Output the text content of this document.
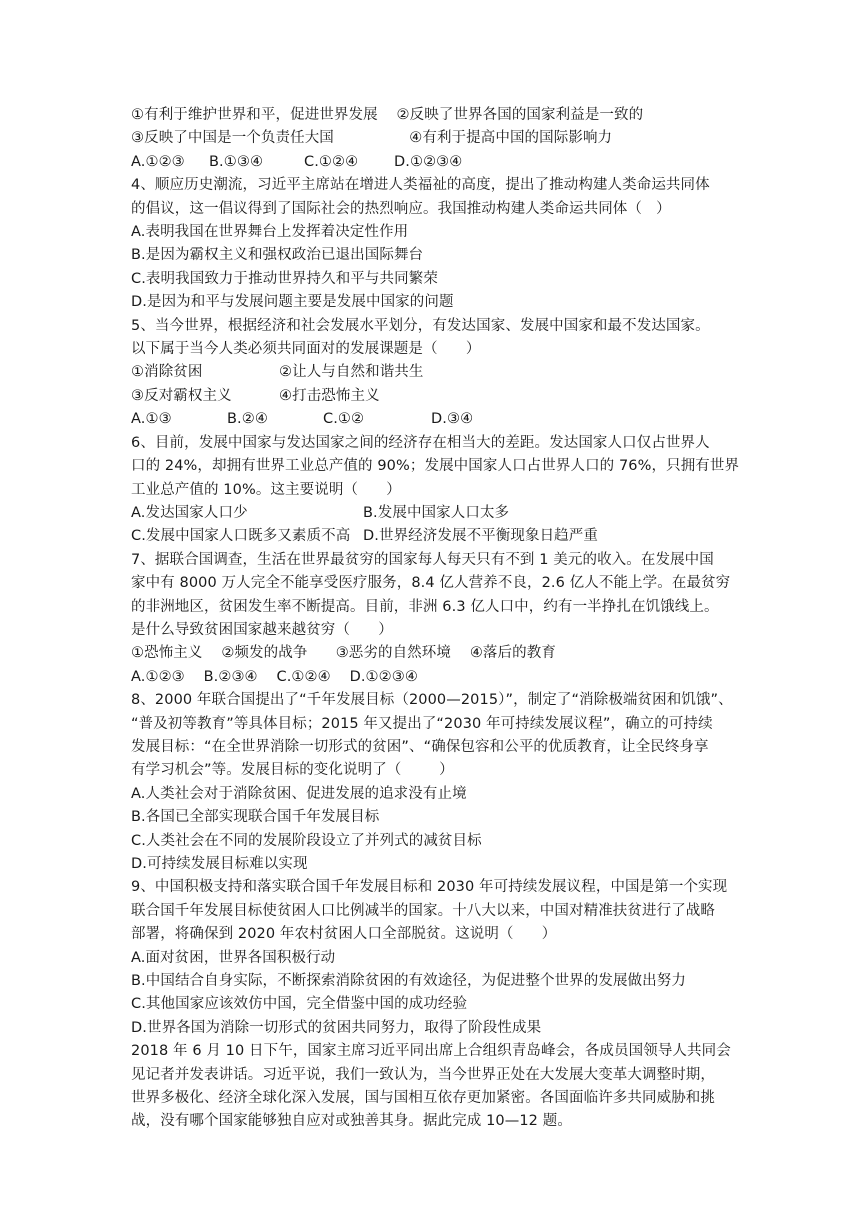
①有利于维护世界和平，促进世界发展    ②反映了世界各国的国家利益是一致的
③反映了中国是一个负责任大国                ④有利于提高中国的国际影响力
A.①②③	B.①③④	C.①②④	D.①②③④
4、顺应历史潮流，习近平主席站在增进人类福祉的高度，提出了推动构建人类命运共同体
的倡议，这一倡议得到了国际社会的热烈响应。我国推动构建人类命运共同体（   ）
A.表明我国在世界舞台上发挥着决定性作用
B.是因为霸权主义和强权政治已退出国际舞台
C.表明我国致力于推动世界持久和平与共同繁荣
D.是因为和平与发展问题主要是发展中国家的问题
5、当今世界，根据经济和社会发展水平划分，有发达国家、发展中国家和最不发达国家。
以下属于当今人类必须共同面对的发展课题是（      ）
①消除贫困	②让人与自然和谐共生
③反对霸权主义	④打击恐怖主义
A.①③	B.②④	C.①②	D.③④
6、目前，发展中国家与发达国家之间的经济存在相当大的差距。发达国家人口仅占世界人
口的 24%，却拥有世界工业总产值的 90%；发展中国家人口占世界人口的 76%，只拥有世界
工业总产值的 10%。这主要说明（      ）
A.发达国家人口少	B.发展中国家人口太多
C.发展中国家人口既多又素质不高 D.世界经济发展不平衡现象日趋严重
7、据联合国调查，生活在世界最贫穷的国家每人每天只有不到 1 美元的收入。在发展中国
家中有 8000 万人完全不能享受医疗服务，8.4 亿人营养不良，2.6 亿人不能上学。在最贫穷
的非洲地区，贫困发生率不断提高。目前，非洲 6.3 亿人口中，约有一半挣扎在饥饿线上。
是什么导致贫困国家越来越贫穷（      ）
①恐怖主义    ②频发的战争      ③恶劣的自然环境    ④落后的教育
A.①②③    B.②③④    C.①②④    D.①②③④
8、2000 年联合国提出了“千年发展目标（2000—2015）”，制定了“消除极端贫困和饥饿”、
“普及初等教育”等具体目标；2015 年又提出了“2030 年可持续发展议程”，确立的可持续
发展目标：“在全世界消除一切形式的贫困”、“确保包容和公平的优质教育，让全民终身享
有学习机会”等。发展目标的变化说明了（        ）
A.人类社会对于消除贫困、促进发展的追求没有止境
B.各国已全部实现联合国千年发展目标
C.人类社会在不同的发展阶段设立了并列式的减贫目标
D.可持续发展目标难以实现
9、中国积极支持和落实联合国千年发展目标和 2030 年可持续发展议程，中国是第一个实现
联合国千年发展目标使贫困人口比例减半的国家。十八大以来，中国对精准扶贫进行了战略
部署，将确保到 2020 年农村贫困人口全部脱贫。这说明（      ）
A.面对贫困，世界各国积极行动
B.中国结合自身实际，不断探索消除贫困的有效途径，为促进整个世界的发展做出努力
C.其他国家应该效仿中国，完全借鉴中国的成功经验
D.世界各国为消除一切形式的贫困共同努力，取得了阶段性成果
2018 年 6 月 10 日下午，国家主席习近平同出席上合组织青岛峰会，各成员国领导人共同会
见记者并发表讲话。习近平说，我们一致认为，当今世界正处在大发展大变革大调整时期，
世界多极化、经济全球化深入发展，国与国相互依存更加紧密。各国面临许多共同威胁和挑
战，没有哪个国家能够独自应对或独善其身。据此完成 10—12 题。
